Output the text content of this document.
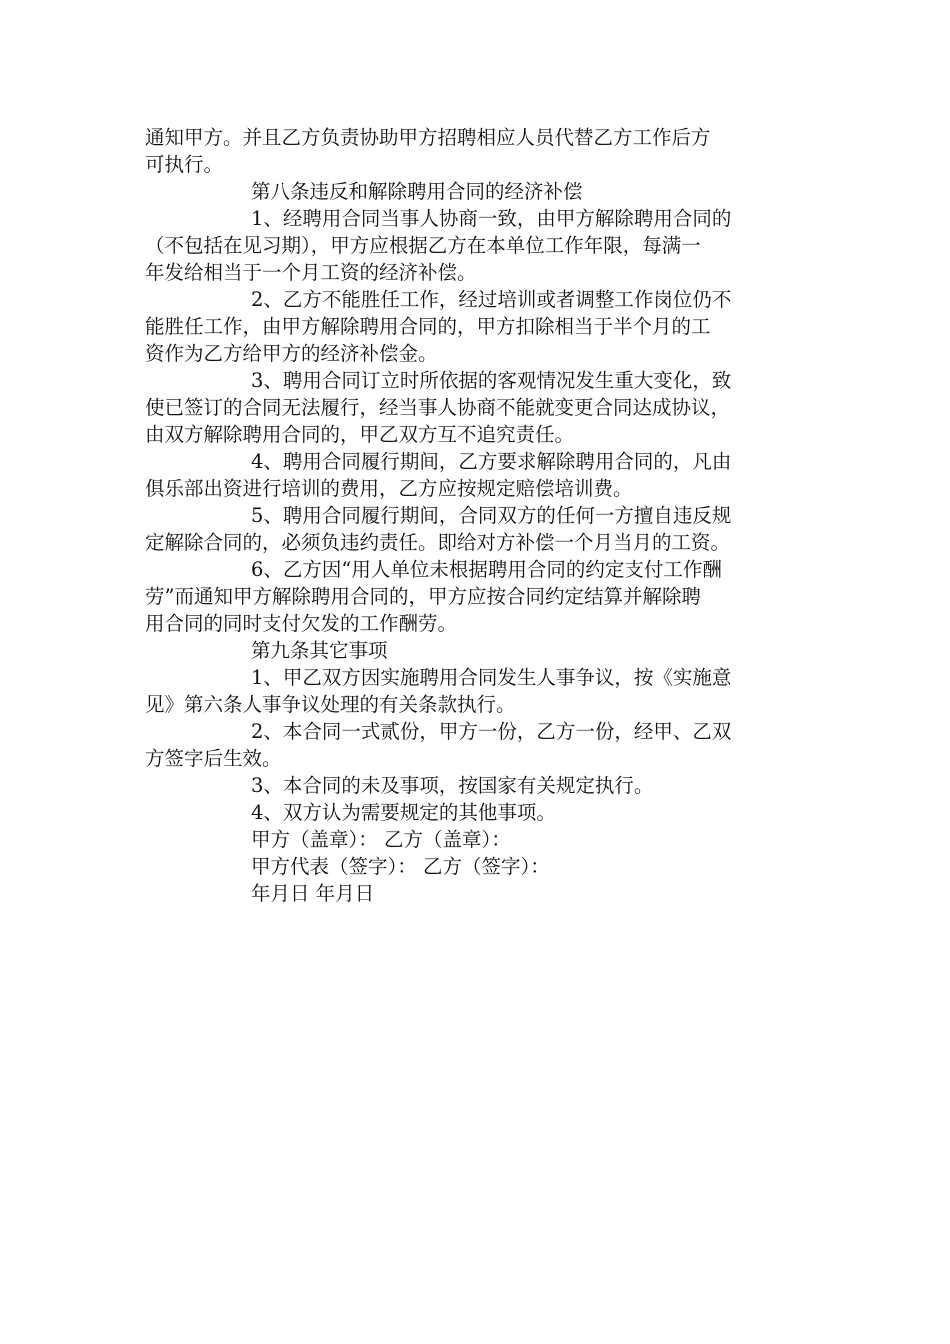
通知甲方。并且乙方负责协助甲方招聘相应人员代替乙方工作后方
可执行。
第八条违反和解除聘用合同的经济补偿
1、经聘用合同当事人协商一致，由甲方解除聘用合同的
（不包括在见习期），甲方应根据乙方在本单位工作年限，每满一
年发给相当于一个月工资的经济补偿。
2、乙方不能胜任工作，经过培训或者调整工作岗位仍不
能胜任工作，由甲方解除聘用合同的，甲方扣除相当于半个月的工
资作为乙方给甲方的经济补偿金。
3、聘用合同订立时所依据的客观情况发生重大变化，致
使已签订的合同无法履行，经当事人协商不能就变更合同达成协议，
由双方解除聘用合同的，甲乙双方互不追究责任。
4、聘用合同履行期间，乙方要求解除聘用合同的，凡由
俱乐部出资进行培训的费用，乙方应按规定赔偿培训费。
5、聘用合同履行期间，合同双方的任何一方擅自违反规
定解除合同的，必须负违约责任。即给对方补偿一个月当月的工资。
6、乙方因“用人单位未根据聘用合同的约定支付工作酬
劳”而通知甲方解除聘用合同的，甲方应按合同约定结算并解除聘
用合同的同时支付欠发的工作酬劳。
第九条其它事项
1、甲乙双方因实施聘用合同发生人事争议，按《实施意
见》第六条人事争议处理的有关条款执行。
2、本合同一式贰份，甲方一份，乙方一份，经甲、乙双
方签字后生效。
3、本合同的未及事项，按国家有关规定执行。
4、双方认为需要规定的其他事项。
甲方（盖章）： 乙方（盖章）：
甲方代表（签字）： 乙方（签字）：
年月日 年月日
